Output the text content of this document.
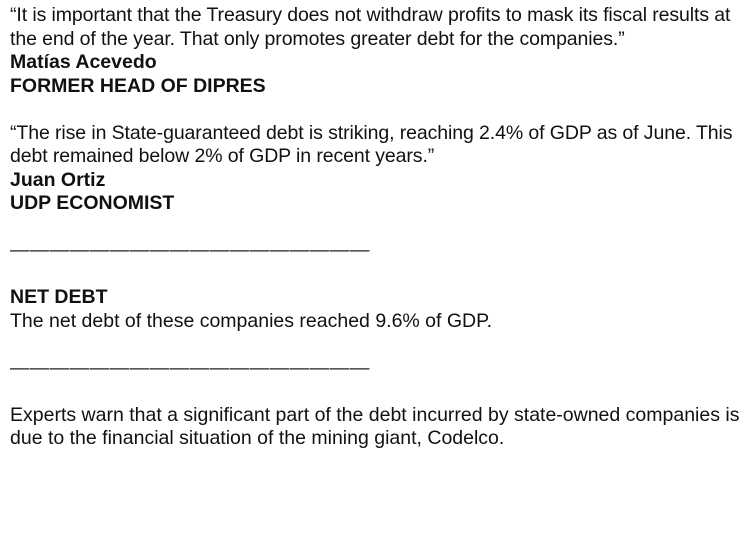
“It is important that the Treasury does not withdraw profits to mask its fiscal results at the end of the year. That only promotes greater debt for the companies.”

Matías Acevedo

FORMER HEAD OF DIPRES

“The rise in State-guaranteed debt is striking, reaching 2.4% of GDP as of June. This debt remained below 2% of GDP in recent years.”

Juan Ortiz

UDP ECONOMIST

——————————————————

NET DEBT

The net debt of these companies reached 9.6% of GDP.

——————————————————

Experts warn that a significant part of the debt incurred by state-owned companies is due to the financial situation of the mining giant, Codelco.
